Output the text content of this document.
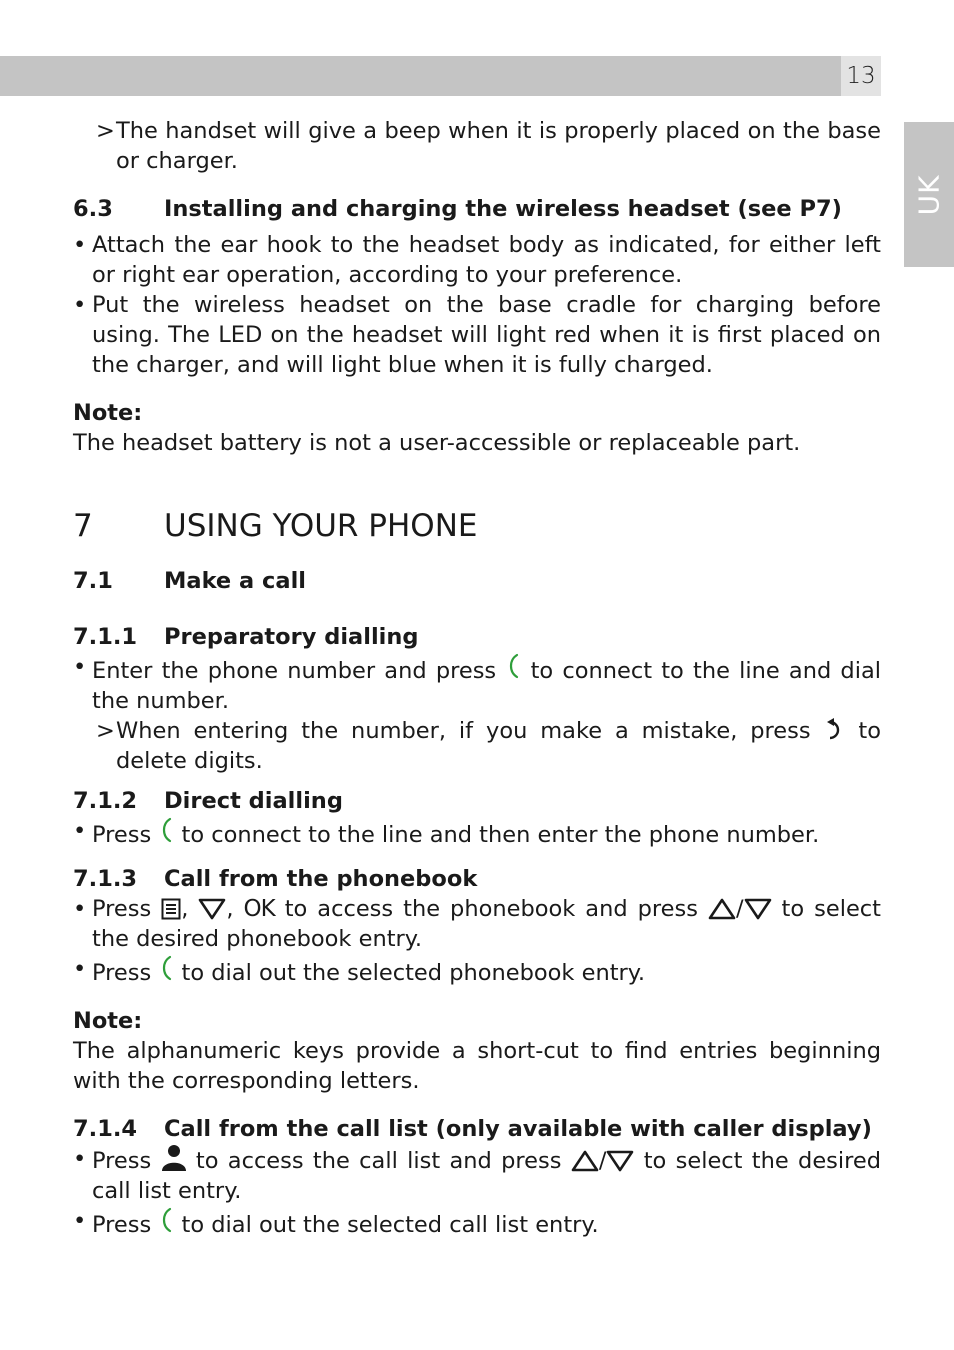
13
UK

> The handset will give a beep when it is properly placed on the base or charger.

6.3	Installing and charging the wireless headset (see P7)

• Attach the ear hook to the headset body as indicated, for either left or right ear operation, according to your preference.

• Put the wireless headset on the base cradle for charging before using. The LED on the headset will light red when it is first placed on the charger, and will light blue when it is fully charged.

Note:

The headset battery is not a user-accessible or replaceable part.

7	USING YOUR PHONE
7.1	Make a call
7.1.1	Preparatory dialling

• Enter the phone number and press to connect to the line and dial the number.

> When entering the number, if you make a mistake, press to delete digits.

7.1.2	Direct dialling

• Press to connect to the line and then enter the phone number.

7.1.3	Call from the phonebook

• Press , , OK to access the phonebook and press / to select the desired phonebook entry.

• Press to dial out the selected phonebook entry.

Note:

The alphanumeric keys provide a short-cut to find entries beginning with the corresponding letters.

7.1.4	Call from the call list (only available with caller display)

• Press to access the call list and press / to select the desired call list entry.

• Press to dial out the selected call list entry.
